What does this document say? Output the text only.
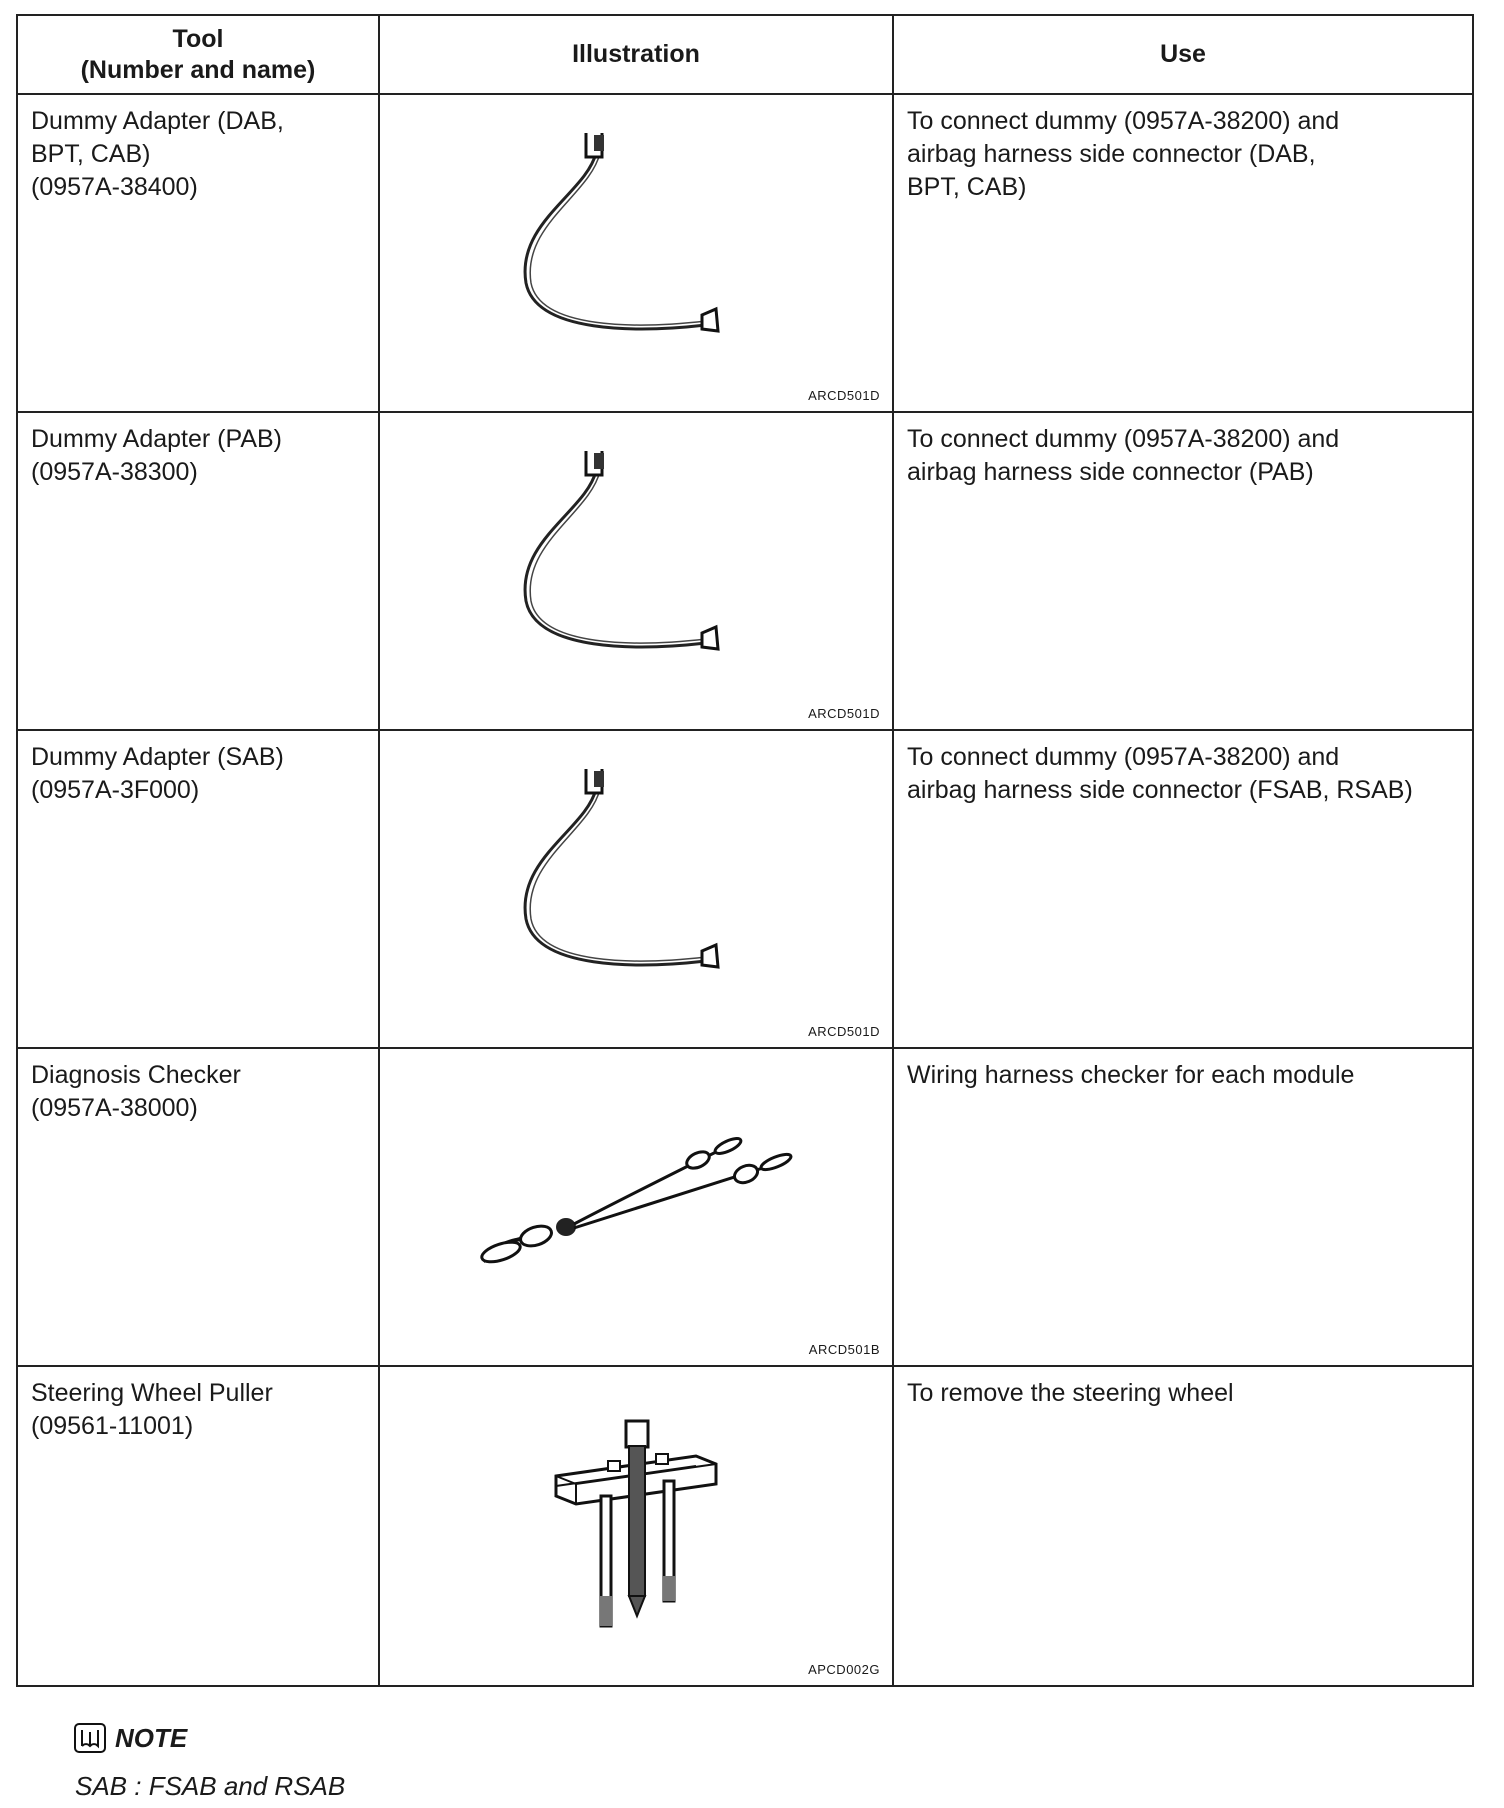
Tool
(Number and name)
Illustration	Use
Dummy Adapter (DAB,
BPT, CAB)
(0957A-38400)
ARCD501D
To connect dummy (0957A-38200) and
airbag harness side connector (DAB,
BPT, CAB)
Dummy Adapter (PAB)
(0957A-38300)
ARCD501D
To connect dummy (0957A-38200) and
airbag harness side connector (PAB)
Dummy Adapter (SAB)
(0957A-3F000)
ARCD501D
To connect dummy (0957A-38200) and
airbag harness side connector (FSAB, RSAB)
Diagnosis Checker
(0957A-38000)
ARCD501B
Wiring harness checker for each module
Steering Wheel Puller
(09561-11001)
APCD002G
To remove the steering wheel
NOTE
SAB : FSAB and RSAB
